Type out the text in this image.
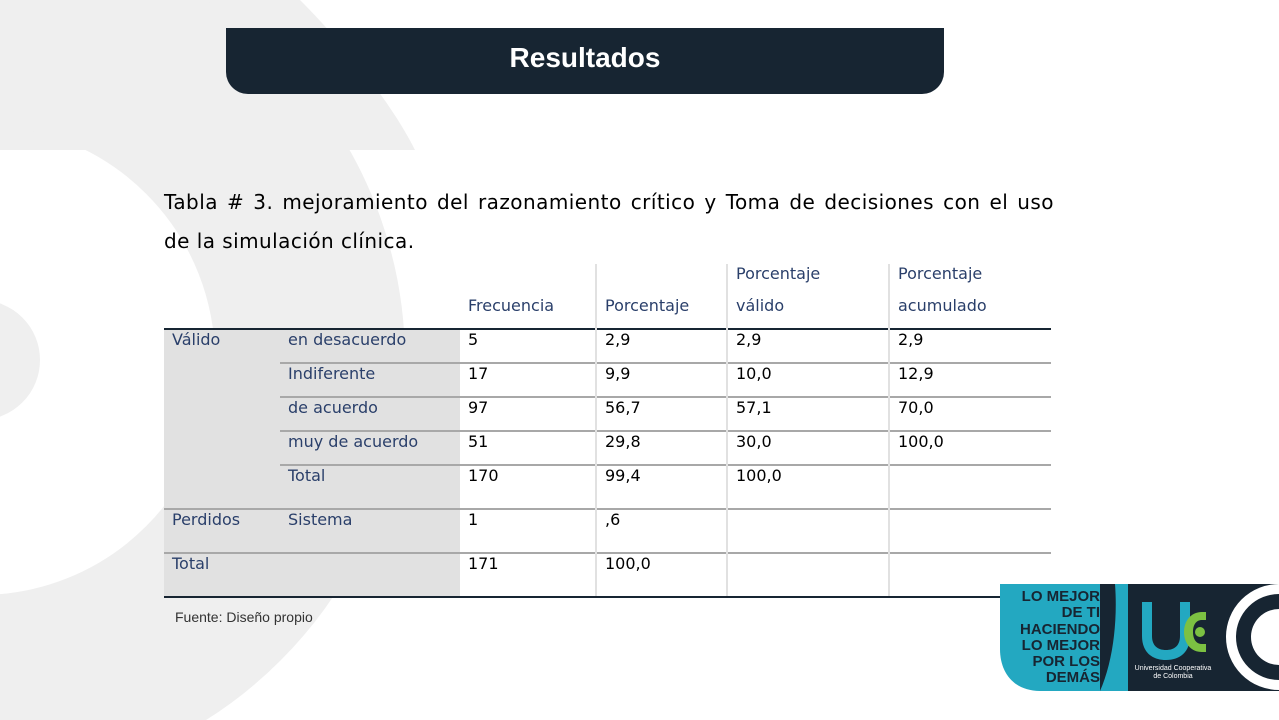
Resultados
Tabla # 3. mejoramiento del razonamiento crítico y Toma de decisiones con el uso de la simulación clínica.
				Porcentaje	Porcentaje
		Frecuencia	Porcentaje	válido	acumulado
Válido	en desacuerdo	5	2,9	2,9	2,9
	Indiferente	17	9,9	10,0	12,9
	de acuerdo	97	56,7	57,1	70,0
	muy de acuerdo	51	29,8	30,0	100,0
	Total	170	99,4	100,0	
Perdidos	Sistema	1	,6		
Total		171	100,0		
Fuente: Diseño propio
LO MEJOR
DE TI
HACIENDO
LO MEJOR
POR LOS
DEMÁS
Universidad Cooperativa
de Colombia
